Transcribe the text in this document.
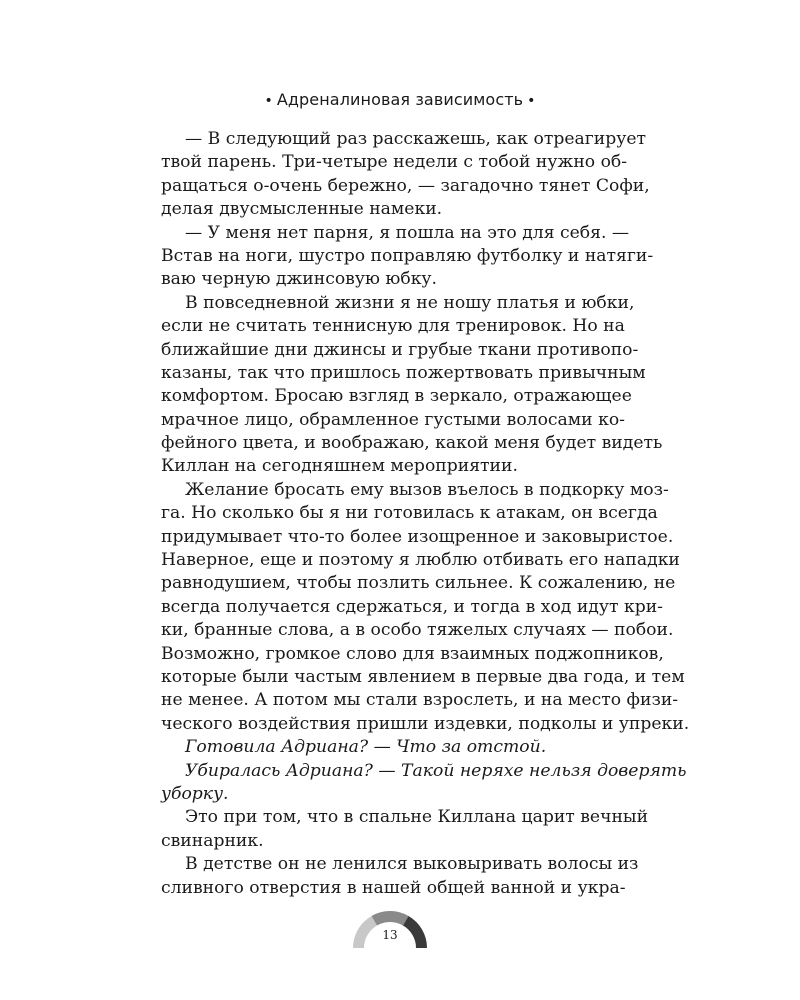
• Адреналиновая зависимость •
— В следующий раз расскажешь, как отреагирует
твой парень. Три-четыре недели с тобой нужно об-
ращаться о-очень бережно, — загадочно тянет Софи,
делая двусмысленные намеки.
— У меня нет парня, я пошла на это для себя. —
Встав на ноги, шустро поправляю футболку и натяги-
ваю черную джинсовую юбку.
В повседневной жизни я не ношу платья и юбки,
если не считать теннисную для тренировок. Но на
ближайшие дни джинсы и грубые ткани противопо-
казаны, так что пришлось пожертвовать привычным
комфортом. Бросаю взгляд в зеркало, отражающее
мрачное лицо, обрамленное густыми волосами ко-
фейного цвета, и воображаю, какой меня будет видеть
Киллан на сегодняшнем мероприятии.
Желание бросать ему вызов въелось в подкорку моз-
га. Но сколько бы я ни готовилась к атакам, он всегда
придумывает что-то более изощренное и заковыристое.
Наверное, еще и поэтому я люблю отбивать его нападки
равнодушием, чтобы позлить сильнее. К сожалению, не
всегда получается сдержаться, и тогда в ход идут кри-
ки, бранные слова, а в особо тяжелых случаях — побои.
Возможно, громкое слово для взаимных поджопников,
которые были частым явлением в первые два года, и тем
не менее. А потом мы стали взрослеть, и на место физи-
ческого воздействия пришли издевки, подколы и упреки.
Готовила Адриана? — Что за отстой.
Убиралась Адриана? — Такой неряхе нельзя доверять
уборку.
Это при том, что в спальне Киллана царит вечный
свинарник.
В детстве он не ленился выковыривать волосы из
сливного отверстия в нашей общей ванной и укра-
13
